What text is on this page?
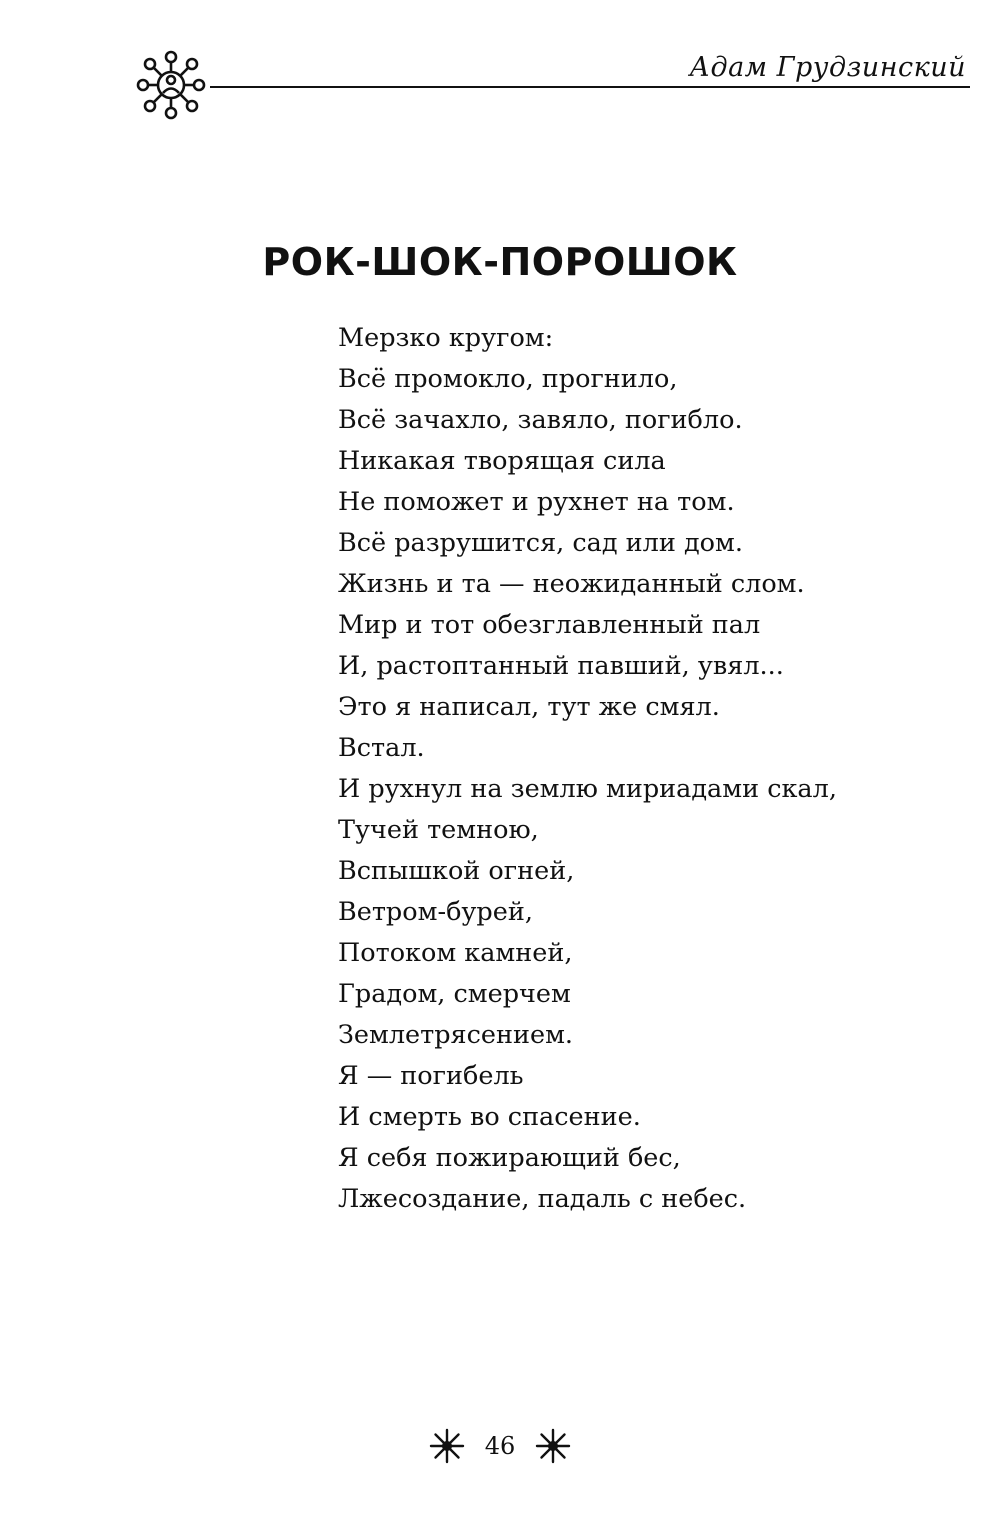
Адам Грудзинский
РОК-ШОК-ПОРОШОК
Мерзко кругом:
Всё промокло, прогнило,
Всё зачахло, завяло, погибло.
Никакая творящая сила
Не поможет и рухнет на том.
Всё разрушится, сад или дом.
Жизнь и та — неожиданный слом.
Мир и тот обезглавленный пал
И, растоптанный павший, увял...
Это я написал, тут же смял.
Встал.
И рухнул на землю мириадами скал,
Тучей темною,
Вспышкой огней,
Ветром-бурей,
Потоком камней,
Градом, смерчем
Землетрясением.
Я — погибель
И смерть во спасение.
Я себя пожирающий бес,
Лжесоздание, падаль с небес.
46
